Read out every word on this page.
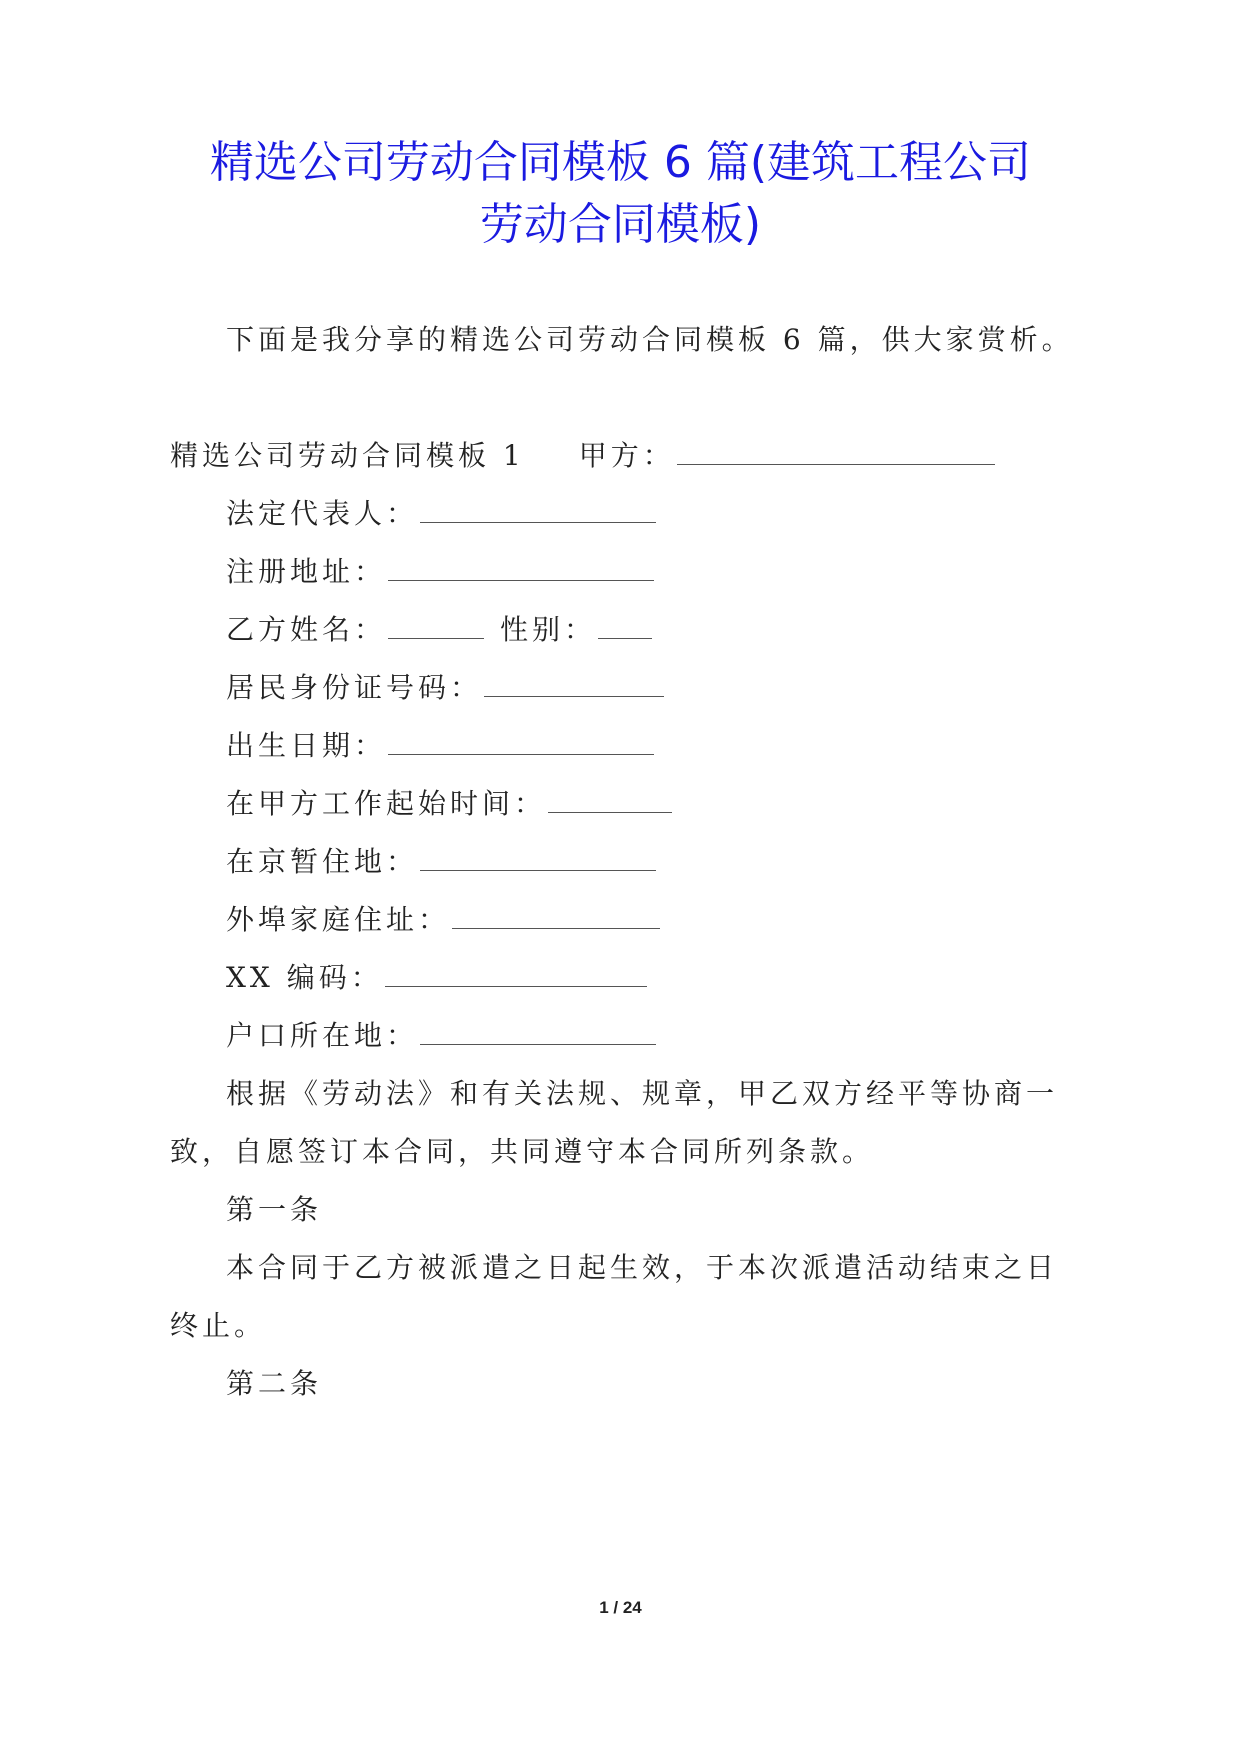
精选公司劳动合同模板 6 篇(建筑工程公司
劳动合同模板)
下面是我分享的精选公司劳动合同模板 6 篇，供大家赏析。
精选公司劳动合同模板 1 甲方：
法定代表人：
注册地址：
乙方姓名：	性别：
居民身份证号码：
出生日期：
在甲方工作起始时间：
在京暂住地：
外埠家庭住址：
XX 编码：
户口所在地：
根据《劳动法》和有关法规、规章，甲乙双方经平等协商一
致，自愿签订本合同，共同遵守本合同所列条款。
第一条
本合同于乙方被派遣之日起生效，于本次派遣活动结束之日
终止。
第二条
1 / 24
